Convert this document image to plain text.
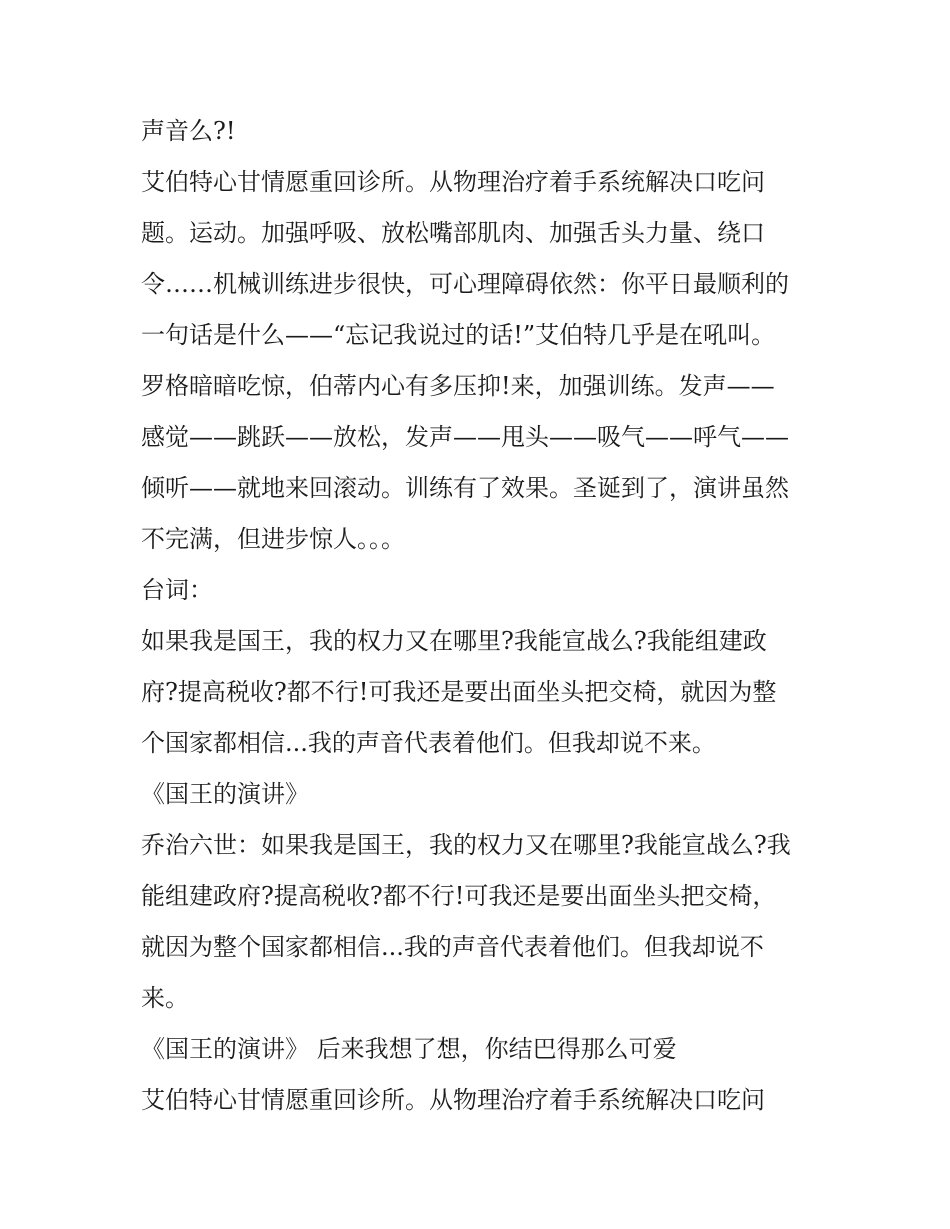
声音么?!
艾伯特心甘情愿重回诊所。从物理治疗着手系统解决口吃问
题。运动。加强呼吸、放松嘴部肌肉、加强舌头力量、绕口
令……机械训练进步很快，可心理障碍依然：你平日最顺利的
一句话是什么——“忘记我说过的话!”艾伯特几乎是在吼叫。
罗格暗暗吃惊，伯蒂内心有多压抑!来，加强训练。发声——
感觉——跳跃——放松，发声——甩头——吸气——呼气——
倾听——就地来回滚动。训练有了效果。圣诞到了，演讲虽然
不完满，但进步惊人。。。
台词：
如果我是国王，我的权力又在哪里?我能宣战么?我能组建政
府?提高税收?都不行!可我还是要出面坐头把交椅，就因为整
个国家都相信...我的声音代表着他们。但我却说不来。
《国王的演讲》
乔治六世：如果我是国王，我的权力又在哪里?我能宣战么?我
能组建政府?提高税收?都不行!可我还是要出面坐头把交椅，
就因为整个国家都相信...我的声音代表着他们。但我却说不
来。
《国王的演讲》 后来我想了想，你结巴得那么可爱
艾伯特心甘情愿重回诊所。从物理治疗着手系统解决口吃问
